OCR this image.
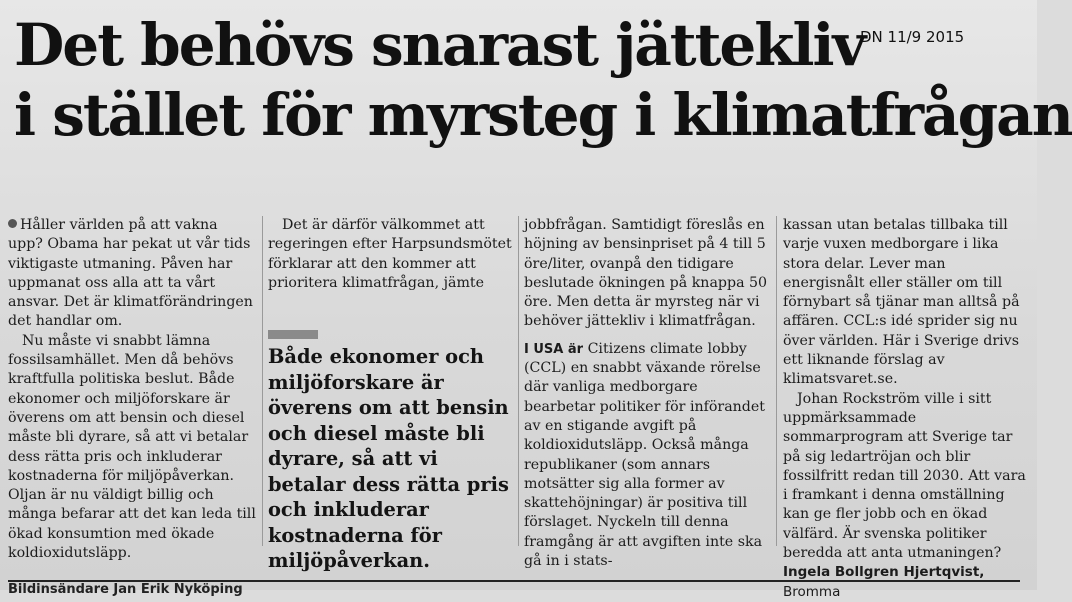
Det behövs snarast jättekliv
i stället för myrsteg i klimatfrågan
DN 11/9 2015

Håller världen på att vakna upp? Obama har pekat ut vår tids viktigaste utmaning. Påven har uppmanat oss alla att ta vårt ansvar. Det är klimatförändringen det handlar om.

Nu måste vi snabbt lämna fossilsamhället. Men då behövs kraftfulla politiska beslut. Både ekonomer och miljöforskare är överens om att bensin och diesel måste bli dyrare, så att vi betalar dess rätta pris och inkluderar kostnaderna för miljöpåverkan. Oljan är nu väldigt billig och många befarar att det kan leda till ökad konsumtion med ökade koldioxidutsläpp.

Det är därför välkommet att regeringen efter Harpsundsmötet förklarar att den kommer att prioritera klimatfrågan, jämte

Både ekonomer och miljöforskare är överens om att bensin och diesel måste bli dyrare, så att vi betalar dess rätta pris och inkluderar kostnaderna för miljöpåverkan.

jobbfrågan. Samtidigt föreslås en höjning av bensinpriset på 4 till 5 öre/liter, ovanpå den tidigare beslutade ökningen på knappa 50 öre. Men detta är myrsteg när vi behöver jättekliv i klimatfrågan.

I USA är Citizens climate lobby (CCL) en snabbt växande rörelse där vanliga medborgare bearbetar politiker för införandet av en stigande avgift på koldioxidutsläpp. Också många republikaner (som annars motsätter sig alla former av skattehöjningar) är positiva till förslaget. Nyckeln till denna framgång är att avgiften inte ska gå in i stats-

kassan utan betalas tillbaka till varje vuxen medborgare i lika stora delar. Lever man energisnålt eller ställer om till förnybart så tjänar man alltså på affären. CCL:s idé sprider sig nu över världen. Här i Sverige drivs ett liknande förslag av klimatsvaret.se.

Johan Rockström ville i sitt uppmärksammade sommarprogram att Sverige tar på sig ledartröjan och blir fossilfritt redan till 2030. Att vara i framkant i denna omställning kan ge fler jobb och en ökad välfärd. Är svenska politiker beredda att anta utmaningen?

Ingela Bollgren Hjertqvist,
Bromma

Bildinsändare Jan Erik Nyköping
